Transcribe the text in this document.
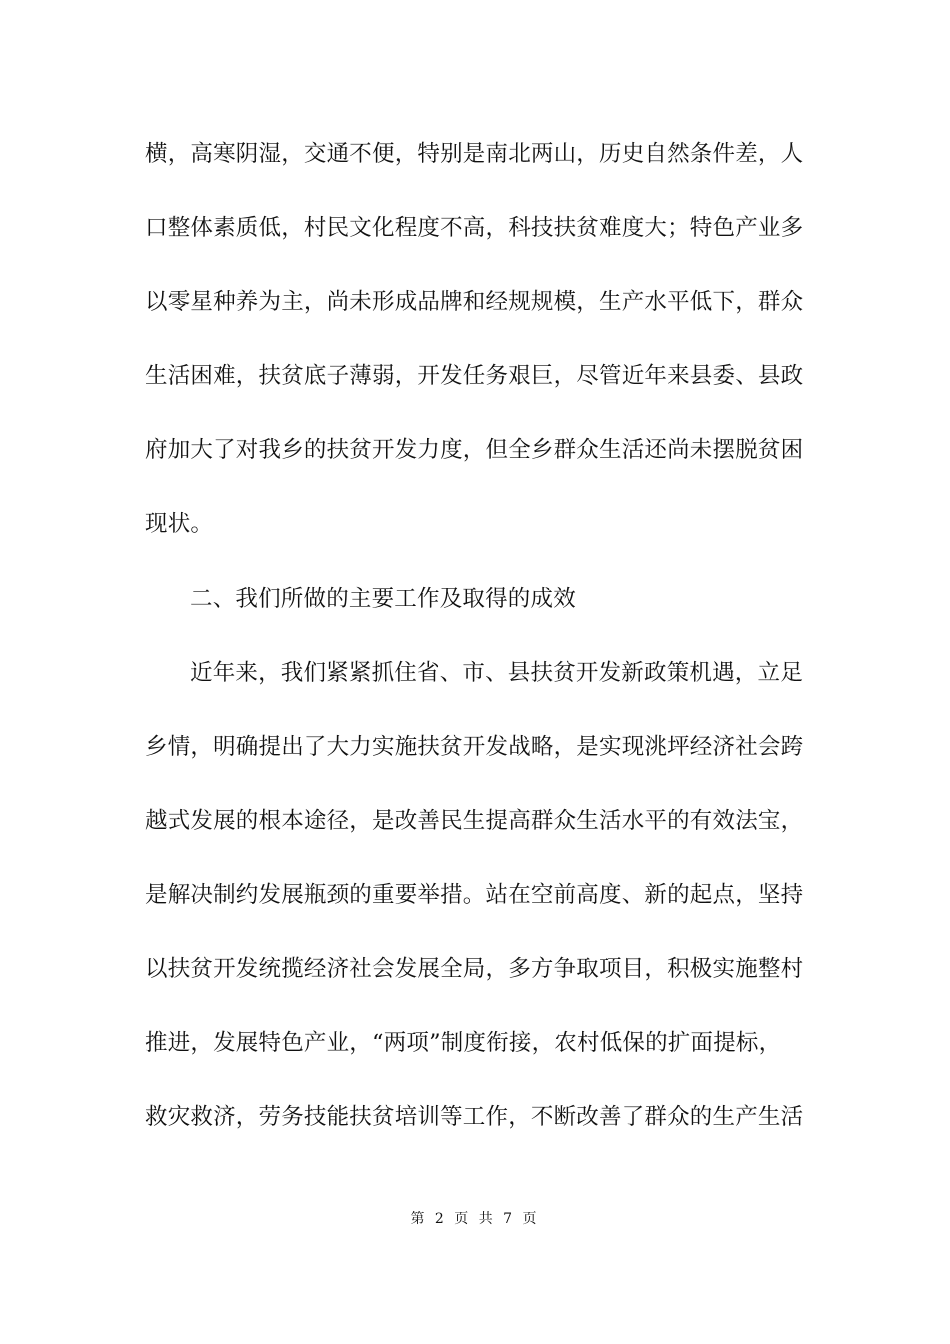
横，高寒阴湿，交通不便，特别是南北两山，历史自然条件差，人
口整体素质低，村民文化程度不高，科技扶贫难度大；特色产业多
以零星种养为主，尚未形成品牌和经规规模，生产水平低下，群众
生活困难，扶贫底子薄弱，开发任务艰巨，尽管近年来县委、县政
府加大了对我乡的扶贫开发力度，但全乡群众生活还尚未摆脱贫困
现状。
二、我们所做的主要工作及取得的成效
近年来，我们紧紧抓住省、市、县扶贫开发新政策机遇，立足
乡情，明确提出了大力实施扶贫开发战略，是实现洮坪经济社会跨
越式发展的根本途径，是改善民生提高群众生活水平的有效法宝，
是解决制约发展瓶颈的重要举措。站在空前高度、新的起点，坚持
以扶贫开发统揽经济社会发展全局，多方争取项目，积极实施整村
推进，发展特色产业，“两项”制度衔接，农村低保的扩面提标，
救灾救济，劳务技能扶贫培训等工作，不断改善了群众的生产生活
第 2 页 共 7 页
